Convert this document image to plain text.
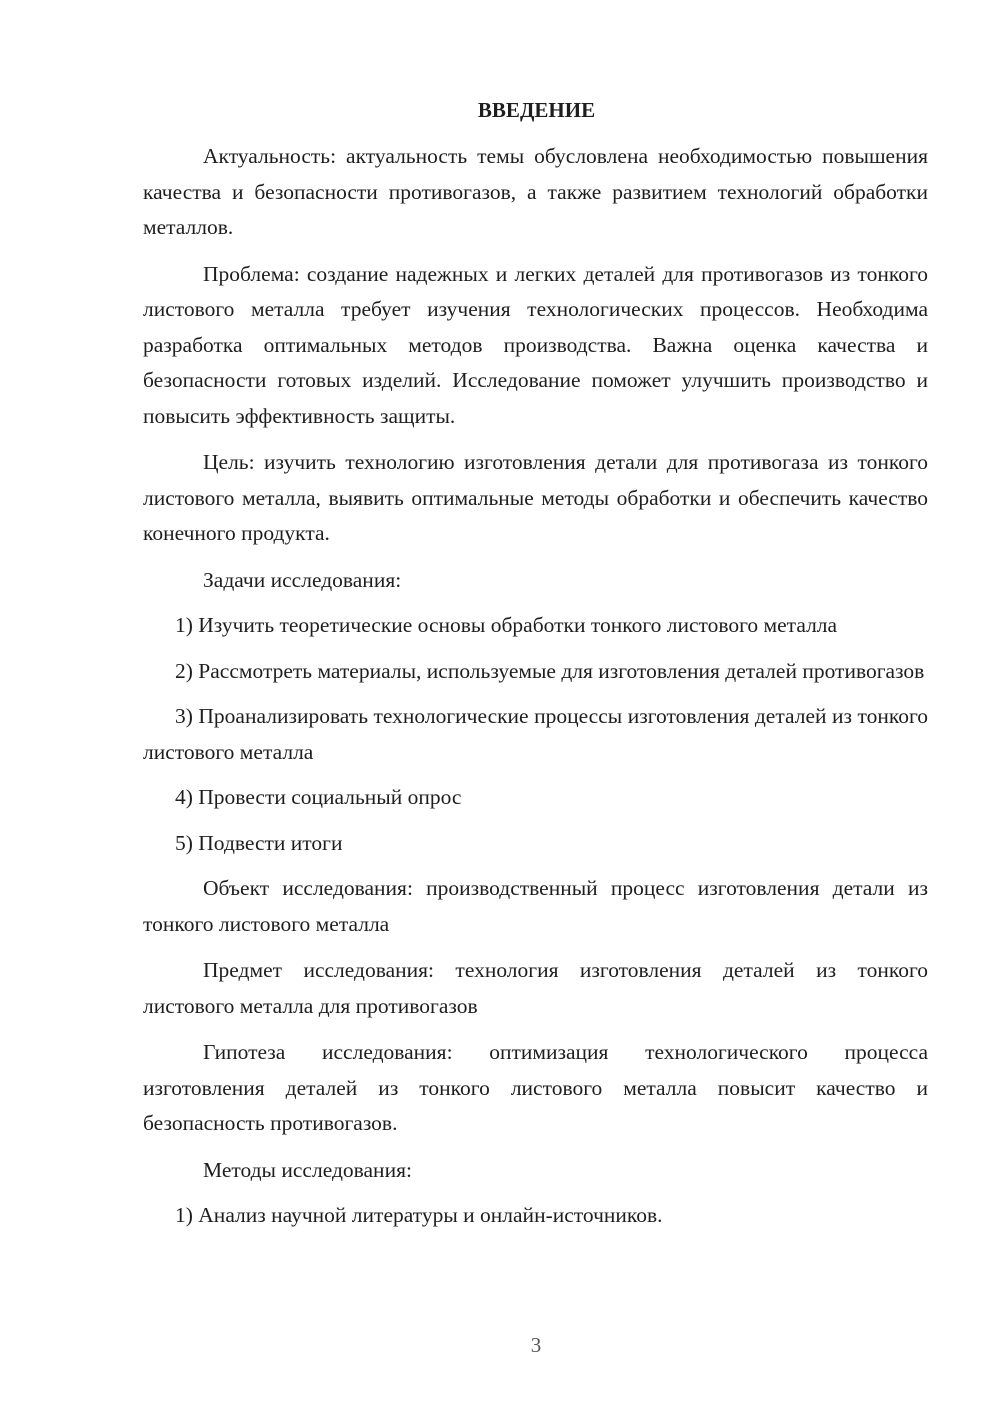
ВВЕДЕНИЕ

Актуальность: актуальность темы обусловлена необходимостью повышения качества и безопасности противогазов, а также развитием технологий обработки металлов.

Проблема: создание надежных и легких деталей для противогазов из тонкого листового металла требует изучения технологических процессов. Необходима разработка оптимальных методов производства. Важна оценка качества и безопасности готовых изделий. Исследование поможет улучшить производство и повысить эффективность защиты.

Цель: изучить технологию изготовления детали для противогаза из тонкого листового металла, выявить оптимальные методы обработки и обеспечить качество конечного продукта.

Задачи исследования:

1) Изучить теоретические основы обработки тонкого листового металла

2) Рассмотреть материалы, используемые для изготовления деталей противогазов

3) Проанализировать технологические процессы изготовления деталей из тонкого листового металла

4) Провести социальный опрос

5) Подвести итоги

Объект исследования: производственный процесс изготовления детали из тонкого листового металла

Предмет исследования: технология изготовления деталей из тонкого листового металла для противогазов

Гипотеза исследования: оптимизация технологического процесса изготовления деталей из тонкого листового металла повысит качество и безопасность противогазов.

Методы исследования:

1) Анализ научной литературы и онлайн-источников.

3
